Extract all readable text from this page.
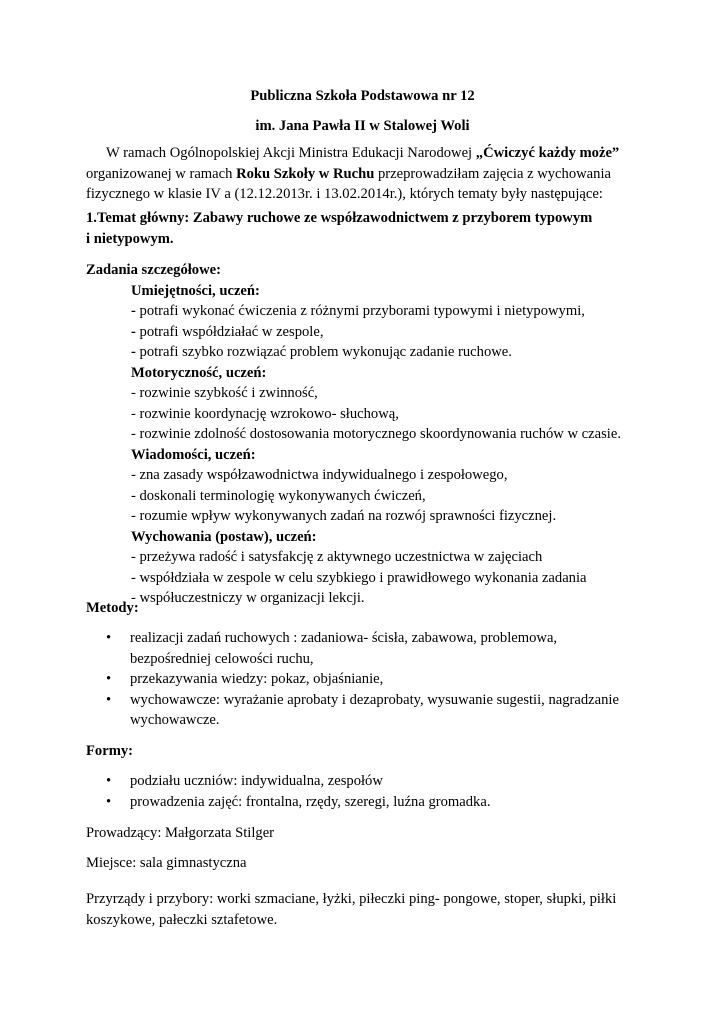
Publiczna Szkoła Podstawowa nr 12
im. Jana Pawła II w Stalowej Woli
W ramach Ogólnopolskiej Akcji Ministra Edukacji Narodowej „Ćwiczyć każdy może”
organizowanej w ramach Roku Szkoły w Ruchu przeprowadziłam zajęcia z wychowania
fizycznego w klasie IV a (12.12.2013r. i 13.02.2014r.), których tematy były następujące:
1.Temat główny: Zabawy ruchowe ze współzawodnictwem z przyborem typowym
i nietypowym.
Zadania szczegółowe:
Umiejętności, uczeń:
- potrafi wykonać ćwiczenia z różnymi przyborami typowymi i nietypowymi,
- potrafi współdziałać w zespole,
- potrafi szybko rozwiązać problem wykonując zadanie ruchowe.
Motoryczność, uczeń:
- rozwinie szybkość i zwinność,
- rozwinie koordynację wzrokowo- słuchową,
- rozwinie zdolność dostosowania motorycznego skoordynowania ruchów w czasie.
Wiadomości, uczeń:
- zna zasady współzawodnictwa indywidualnego i zespołowego,
- doskonali terminologię wykonywanych ćwiczeń,
- rozumie wpływ wykonywanych zadań na rozwój sprawności fizycznej.
Wychowania (postaw), uczeń:
- przeżywa radość i satysfakcję z aktywnego uczestnictwa w zajęciach
- współdziała w zespole w celu szybkiego i prawidłowego wykonania zadania
- współuczestniczy w organizacji lekcji.
Metody:
• realizacji zadań ruchowych : zadaniowa- ścisła, zabawowa, problemowa,
bezpośredniej celowości ruchu,
• przekazywania wiedzy: pokaz, objaśnianie,
• wychowawcze: wyrażanie aprobaty i dezaprobaty, wysuwanie sugestii, nagradzanie
wychowawcze.
Formy:
• podziału uczniów: indywidualna, zespołów
• prowadzenia zajęć: frontalna, rzędy, szeregi, luźna gromadka.
Prowadzący: Małgorzata Stilger
Miejsce: sala gimnastyczna
Przyrządy i przybory: worki szmaciane, łyżki, piłeczki ping- pongowe, stoper, słupki, piłki
koszykowe, pałeczki sztafetowe.
